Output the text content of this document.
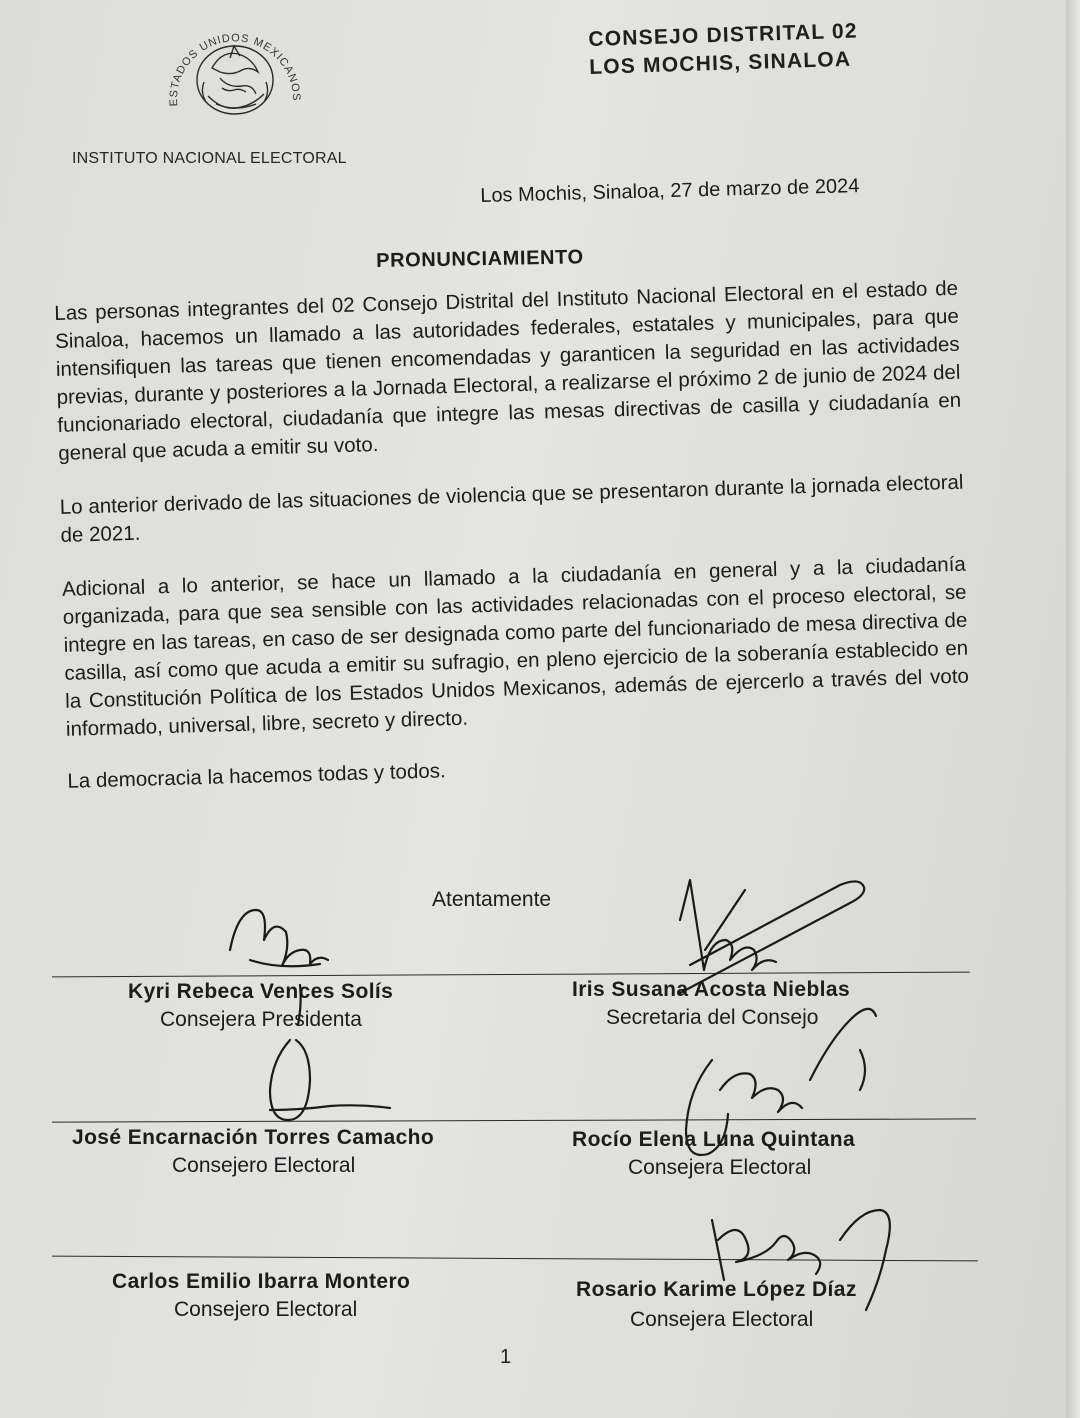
ESTADOS UNIDOS MEXICANOS
INSTITUTO NACIONAL ELECTORAL
CONSEJO DISTRITAL 02
LOS MOCHIS, SINALOA
Los Mochis, Sinaloa, 27 de marzo de 2024
PRONUNCIAMIENTO

Las personas integrantes del 02 Consejo Distrital del Instituto Nacional Electoral en el estado de Sinaloa, hacemos un llamado a las autoridades federales, estatales y municipales, para que intensifiquen las tareas que tienen encomendadas y garanticen la seguridad en las actividades previas, durante y posteriores a la Jornada Electoral, a realizarse el próximo 2 de junio de 2024 del funcionariado electoral, ciudadanía que integre las mesas directivas de casilla y ciudadanía en general que acuda a emitir su voto.

Lo anterior derivado de las situaciones de violencia que se presentaron durante la jornada electoral de 2021.

Adicional a lo anterior, se hace un llamado a la ciudadanía en general y a la ciudadanía organizada, para que sea sensible con las actividades relacionadas con el proceso electoral, se integre en las tareas, en caso de ser designada como parte del funcionariado de mesa directiva de casilla, así como que acuda a emitir su sufragio, en pleno ejercicio de la soberanía establecido en la Constitución Política de los Estados Unidos Mexicanos, además de ejercerlo a través del voto informado, universal, libre, secreto y directo.

La democracia la hacemos todas y todos.
Atentamente
Kyri Rebeca Vences Solís
Consejera Presidenta
Iris Susana Acosta Nieblas
Secretaria del Consejo
José Encarnación Torres Camacho
Consejero Electoral
Rocío Elena Luna Quintana
Consejera Electoral
Carlos Emilio Ibarra Montero
Consejero Electoral
Rosario Karime López Díaz
Consejera Electoral
1
